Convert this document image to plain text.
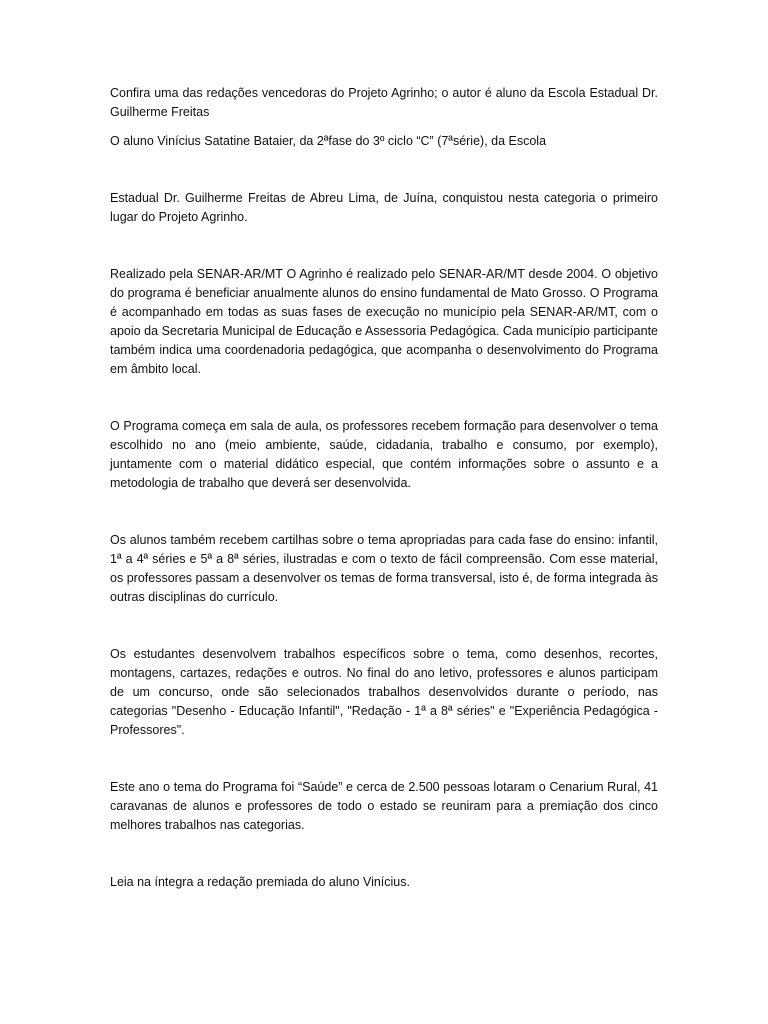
Confira uma das redações vencedoras do Projeto Agrinho; o autor é aluno da Escola Estadual Dr. Guilherme Freitas

O aluno Vinícius Satatine Bataier, da 2ªfase do 3º ciclo “C” (7ªsérie), da Escola

Estadual Dr. Guilherme Freitas de Abreu Lima, de Juína, conquistou nesta categoria o primeiro lugar do Projeto Agrinho.

Realizado pela SENAR-AR/MT O Agrinho é realizado pelo SENAR-AR/MT desde 2004. O objetivo do programa é beneficiar anualmente alunos do ensino fundamental de Mato Grosso. O Programa é acompanhado em todas as suas fases de execução no município pela SENAR-AR/MT, com o apoio da Secretaria Municipal de Educação e Assessoria Pedagógica. Cada município participante também indica uma coordenadoria pedagógica, que acompanha o desenvolvimento do Programa em âmbito local.

O Programa começa em sala de aula, os professores recebem formação para desenvolver o tema escolhido no ano (meio ambiente, saúde, cidadania, trabalho e consumo, por exemplo), juntamente com o material didático especial, que contém informações sobre o assunto e a metodologia de trabalho que deverá ser desenvolvida.

Os alunos também recebem cartilhas sobre o tema apropriadas para cada fase do ensino: infantil, 1ª a 4ª séries e 5ª a 8ª séries, ilustradas e com o texto de fácil compreensão. Com esse material, os professores passam a desenvolver os temas de forma transversal, isto é, de forma integrada às outras disciplinas do currículo.

Os estudantes desenvolvem trabalhos específicos sobre o tema, como desenhos, recortes, montagens, cartazes, redações e outros. No final do ano letivo, professores e alunos participam de um concurso, onde são selecionados trabalhos desenvolvidos durante o período, nas categorias "Desenho - Educação Infantil", "Redação - 1ª a 8ª séries" e "Experiência Pedagógica - Professores".

Este ano o tema do Programa foi “Saúde” e cerca de 2.500 pessoas lotaram o Cenarium Rural, 41 caravanas de alunos e professores de todo o estado se reuniram para a premiação dos cinco melhores trabalhos nas categorias.

Leia na íntegra a redação premiada do aluno Vinícius.
